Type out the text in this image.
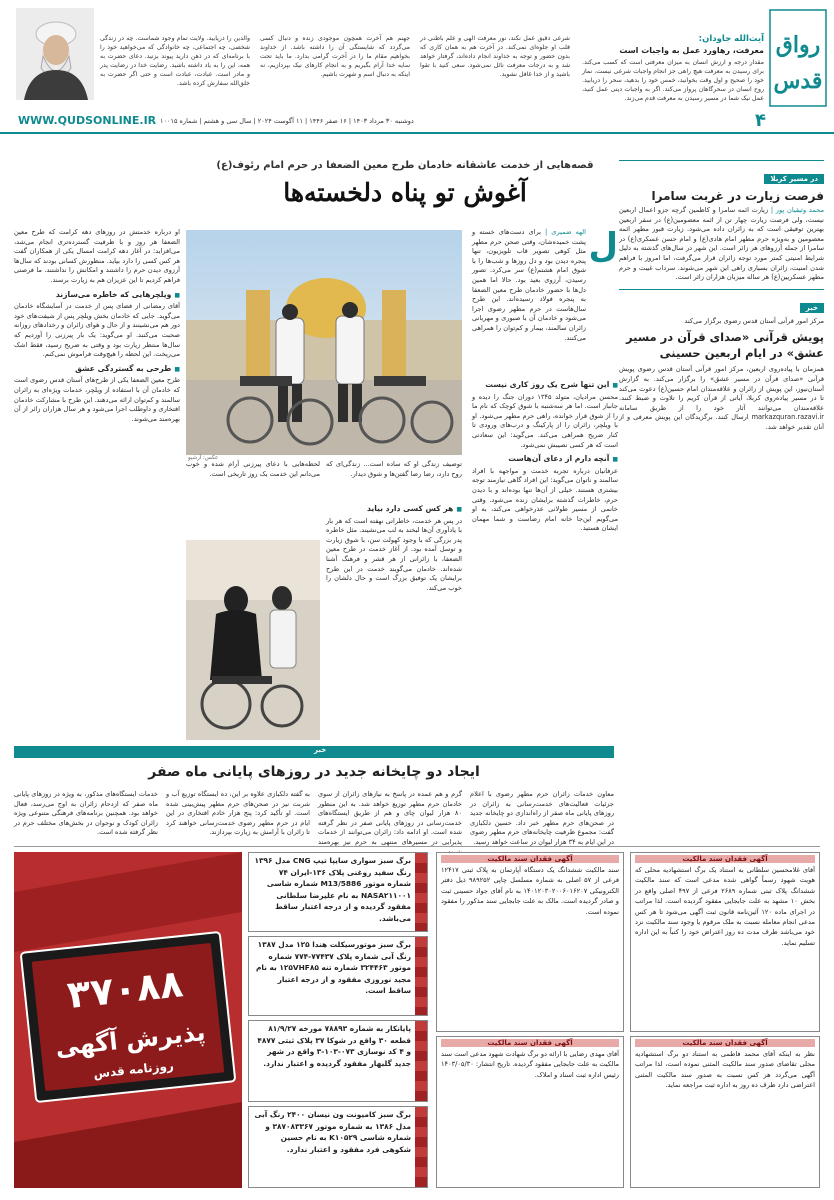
رواق
قدس
آیت‌الله جاودان:
معرفت، رهاورد عمل به واجبات است
مقدار درجه و ارزش انسان به میزان معرفتی است که کسب می‌کند. برای رسیدن به معرفت هیچ راهی جز انجام واجبات شرعی نیست. نماز خود را صحیح و اول وقت بخوانید، خمس خود را بدهید، سحر را دریابید. روح انسان در سحرگاهان پرواز می‌کند. اگر به واجبات دینی عمل کنید، عمل نیک شما در مسیر رسیدن به معرفت قدم می‌زند.
شرعی دقیق عمل نکند، نور معرفت الهی و علم باطنی در قلب او جلوه‌ای نمی‌کند. در آخرت هم به همان کاری که بدون حضور و توجه به خداوند انجام داده‌اند، گرفتار خواهد شد و به درجات معرفت نائل نمی‌شود. سعی کنید با تقوا باشید و از خدا غافل نشوید.
جهنم هم آخرت همچون موجودی زنده و دنبال کسی می‌گردد که شایستگی آن را داشته باشد. از خداوند بخواهیم مقام ما را در آخرت گرامی بدارد. ما باید تحت سایه خدا آرام بگیریم و به انجام کارهای نیک بپردازیم، نه اینکه به دنبال اسم و شهرت باشیم.
والدین را دریابید. ولایت تمام وجود شماست. چه در زندگی شخصی، چه اجتماعی، چه خانوادگی که می‌خواهید خود را با برنامه‌ای که در ذهن دارید پیوند بزنید. دعای حضرت به همه، این را به یاد داشته باشید. رضایت خدا در رضایت پدر و مادر است. عبادت، عبادت است و حتی اگر حضرت به خلق‌الله سفارش کرده باشد.
WWW.QUDSONLINE.IR دوشنبه ۳۰ مرداد ۱۴۰۳ | ۱۶ صفر ۱۴۴۶ | ۱۱ آگوست ۲۰۲۴ | سال سی و هشتم | شماره ۱۰۰۱۵	۴
در مسیر کربلا
فرصت زیارت در غربت سامرا
محمد وثیقیان پور | زیارت ائمه سامرا و کاظمین گرچه جزو اعمال اربعین نیست، ولی فرصت زیارت چهار تن از ائمه معصومین(ع) در سفر اربعین بهترین توفیقی است که به زائران داده می‌شود. زیارت قبور مطهر ائمه معصومین و به‌ویژه حرم مطهر امام هادی(ع) و امام حسن عسکری(ع) در سامرا از جمله آرزوهای هر زائر است. این شهر در سال‌های گذشته به دلیل شرایط امنیتی کمتر مورد توجه زائران قرار می‌گرفت، اما امروز با فراهم شدن امنیت، زائران بسیاری راهی این شهر می‌شوند. سرداب غیبت و حرم مطهر عسکریین(ع) هر ساله میزبان هزاران زائر است.
خبر
مرکز امور قرآنی آستان قدس رضوی برگزار می‌کند
پویش قرآنی «صدای قرآن در مسیر عشق» در ایام اربعین حسینی
همزمان با پیاده‌روی اربعین، مرکز امور قرآنی آستان قدس رضوی پویش قرآنی «صدای قرآن در مسیر عشق» را برگزار می‌کند. به گزارش آستان‌نیوز، این پویش از زائران و علاقه‌مندان امام حسین(ع) دعوت می‌کند تا در مسیر پیاده‌روی کربلا، آیاتی از قرآن کریم را تلاوت و ضبط کنند. علاقه‌مندان می‌توانند آثار خود را از طریق سامانه markazquran.razavi.ir ارسال کنند. برگزیدگان این پویش معرفی و از آنان تقدیر خواهد شد.
قصه‌هایی از خدمت عاشقانه خادمان طرح معین الضعفا در حرم امام رئوف(ع)
آغوش تو پناه دلخسته‌ها
عکس: آرشیو
ل
الهه ضمیری | برای دست‌های خسته و پشت خمیده‌شان، وقتی صحن حرم مطهر مثل کوهی تصویر قاب تلویزیون، تنها پنجره دیدن بود و دل روزها و شب‌ها را با شوق امام هشتم(ع) سر می‌کرد. تصور رسیدن، آرزوی بعید بود. حالا اما همین دل‌ها با حضور خادمان طرح معین الضعفا به پنجره فولاد رسیده‌اند. این طرح سال‌هاست در حرم مطهر رضوی اجرا می‌شود و خادمان آن با صبوری و مهربانی زائران سالمند، بیمار و کم‌توان را همراهی می‌کنند.
■ این تنها شرح یک روز کاری نیست
محسن مرادیان، متولد ۱۳۴۵ دوران جنگ را دیده و جانباز است. اما هر سه‌شنبه با شوق کوچک که نام ما را از شوق قرار خوانده، راهی حرم مطهر می‌شود. او با ویلچر، زائران را از پارکینگ و درب‌های ورودی تا کنار ضریح همراهی می‌کند. می‌گوید: این سعادتی است که هر کسی نصیبش نمی‌شود.
■ آنچه دارم از دعای آن‌هاست
عرفانیان درباره تجربه خدمت و مواجهه با افراد سالمند و ناتوان می‌گوید: این افراد گاهی نیازمند توجه بیشتری هستند. خیلی از آن‌ها تنها بوده‌اند و با دیدن حرم، خاطرات گذشته برایشان زنده می‌شود. وقتی خانمی از مسیر طولانی عذرخواهی می‌کند، به او می‌گویم این‌جا خانه امام رضاست و شما مهمان ایشان هستید.
او درباره خدمتش در روزهای دهه کرامت که طرح معین الضعفا هر روز و با ظرفیت گسترده‌تری انجام می‌شد، می‌افزاید: در آغاز دهه کرامت امسال یکی از همکاران گفت هر کس کسی را دارد بیاید. منظورش کسانی بودند که سال‌ها آرزوی دیدن حرم را داشتند و امکانش را نداشتند. ما فرصتی فراهم کردیم تا این عزیزان هم به زیارت برسند.
■ ویلچرهایی که خاطره می‌سازند
آقای رمضانی از فضای پس از خدمت در آسایشگاه خادمان می‌گوید. جایی که خادمان بخش ویلچر پس از شیفت‌های خود دور هم می‌نشینند و از حال و هوای زائران و رخدادهای روزانه صحبت می‌کنند. او می‌گوید: یک بار پیرزنی را آوردیم که سال‌ها منتظر زیارت بود و وقتی به ضریح رسید، فقط اشک می‌ریخت. این لحظه را هیچ‌وقت فراموش نمی‌کنم.
■ طرحی به گستردگی عشق
طرح معین الضعفا یکی از طرح‌های آستان قدس رضوی است که خادمان آن با استفاده از ویلچر، خدمات ویژه‌ای به زائران سالمند و کم‌توان ارائه می‌دهند. این طرح با مشارکت خادمان افتخاری و داوطلب اجرا می‌شود و هر سال هزاران زائر از آن بهره‌مند می‌شوند.
توصیف زندگی او که ساده است... زندگی‌ای که روح دارد، رضا رضا گفتن‌ها و شوق دیدار.
لحظه‌هایی با دعای پیرزنی آرام شده و خوب می‌دانم این خدمت یک روز تاریخی است.
■ هر کس کسی دارد بیاید
در پس هر خدمت، خاطراتی نهفته است که هر بار با یادآوری آن‌ها لبخند به لب می‌نشیند. مثل خاطره پدر بزرگی که با وجود کهولت سن، با شوق زیارت و توسل آمده بود. از آغاز خدمت در طرح معین الضعفا، با زائرانی از هر قشر و فرهنگ آشنا شده‌اند. خادمان می‌گویند خدمت در این طرح برایشان یک توفیق بزرگ است و حال دلشان را خوب می‌کند.
خبر
ایجاد دو چایخانه جدید در روزهای پایانی ماه صفر
معاون خدمات زائران حرم مطهر رضوی با اعلام جزئیات فعالیت‌های خدمت‌رسانی به زائران در روزهای پایانی ماه صفر از راه‌اندازی دو چایخانه جدید در صحن‌های حرم مطهر خبر داد. حسین دلکبازی گفت: مجموع ظرفیت چایخانه‌های حرم مطهر رضوی در این ایام به ۳۴ هزار لیوان در ساعت خواهد رسید.
گرم و هم عمده در پاسخ به نیازهای زائران از سوی خادمان حرم مطهر توزیع خواهد شد. به این منظور ۸۰ هزار لیوان چای و هم از طریق ایستگاه‌های خدمت‌رسانی در روزهای پایانی صفر در نظر گرفته شده است. او ادامه داد: زائران می‌توانند از خدمات پذیرایی در مسیرهای منتهی به حرم نیز بهره‌مند
به گفته دلکبازی علاوه بر این، ده ایستگاه توزیع آب و شربت نیز در صحن‌های حرم مطهر پیش‌بینی شده است. او تأکید کرد: پنج هزار خادم افتخاری در این ایام در حرم مطهر رضوی خدمت‌رسانی خواهند کرد تا زائران با آرامش به زیارت بپردازند.
خدمات ایستگاه‌های مذکور، به ویژه در روزهای پایانی ماه صفر که ازدحام زائران به اوج می‌رسد، فعال خواهد بود. همچنین برنامه‌های فرهنگی متنوعی ویژه زائران کودک و نوجوان در بخش‌های مختلف حرم در نظر گرفته شده است.
۳۷۰۸۸
پذیرش آگهی
روزنامه قدس
آگهی فقدان سند مالکیت
آقای غلامحسین سلطانی به استناد یک برگ استشهادیه محلی که هویت شهود رسماً گواهی شده مدعی است که سند مالکیت ششدانگ پلاک ثبتی شماره ۲۶۸۹ فرعی از ۴۹۷ اصلی واقع در بخش ۱۰ مشهد به علت جابجایی مفقود گردیده است. لذا مراتب در اجرای ماده ۱۲۰ آئین‌نامه قانون ثبت آگهی می‌شود تا هر کس مدعی انجام معامله نسبت به ملک مرقوم یا وجود سند مالکیت نزد خود می‌باشد ظرف مدت ده روز اعتراض خود را کتباً به این اداره تسلیم نماید.
آگهی فقدان سند مالکیت
نظر به اینکه آقای محمد فاطمی به استناد دو برگ استشهادیه محلی تقاضای صدور سند مالکیت المثنی نموده است، لذا مراتب آگهی می‌گردد هر کس نسبت به صدور سند مالکیت المثنی اعتراضی دارد ظرف ده روز به اداره ثبت مراجعه نماید.
آگهی فقدان سند مالکیت
سند مالکیت ششدانگ یک دستگاه آپارتمان به پلاک ثبتی ۱۲۴۱۷ فرعی از ۵۷ اصلی به شماره مسلسل چاپی ۹۸۹۲۵۲ ذیل دفتر الکترونیکی ۱۴۰۱۲۰۳۰۲۰۰۶۰۱۶۲۰۷ به نام آقای جواد حسینی ثبت و صادر گردیده است. مالک به علت جابجایی سند مذکور را مفقود نموده است.
آگهی فقدان سند مالکیت
آقای مهدی رضایی با ارائه دو برگ شهادت شهود مدعی است سند مالکیت به علت جابجایی مفقود گردیده. تاریخ انتشار: ۱۴۰۳/۰۵/۳۰ رئیس اداره ثبت اسناد و املاک.
برگ سبز سواری سایپا تیپ CNG مدل ۱۳۹۶ رنگ سفید روغنی پلاک ۱۳۶-ایران ۷۴ شماره موتور M13/5886 شماره شاسی NASA۲۱۱۰۰۱ به نام علیرضا سلطانی مفقود گردیده و از درجه اعتبار ساقط می‌باشد.
برگ سبز موتورسیکلت هندا ۱۲۵ مدل ۱۳۸۷ رنگ آبی شماره پلاک ۷۷۴۳۷-۷۷۴ شماره موتور ۳۲۴۴۶۳ شماره تنه ۱۲۵VHF۸۵ به نام مجید نوروزی مفقود و از درجه اعتبار ساقط است.
پایانکار به شماره ۷۸۸۹۳ مورخه ۸۱/۹/۲۷ قطعه ۳۰ واقع در شوکا ۳۷ پلاک ثبتی ۴۸۷۷ و ۴ کد نوسازی ۰۷۳-۱۰۳-۳ واقع در شهر جدید گلبهار مفقود گردیده و اعتبار ندارد.
برگ سبز کامیونت ون نیسان ۲۴۰۰ رنگ آبی مدل ۱۳۸۶ به شماره موتور ۳۸۷۰۸۳۳۶۷ و شماره شاسی K۱۰۵۲۹ به نام حسین شکوهی فرد مفقود و اعتبار ندارد.
